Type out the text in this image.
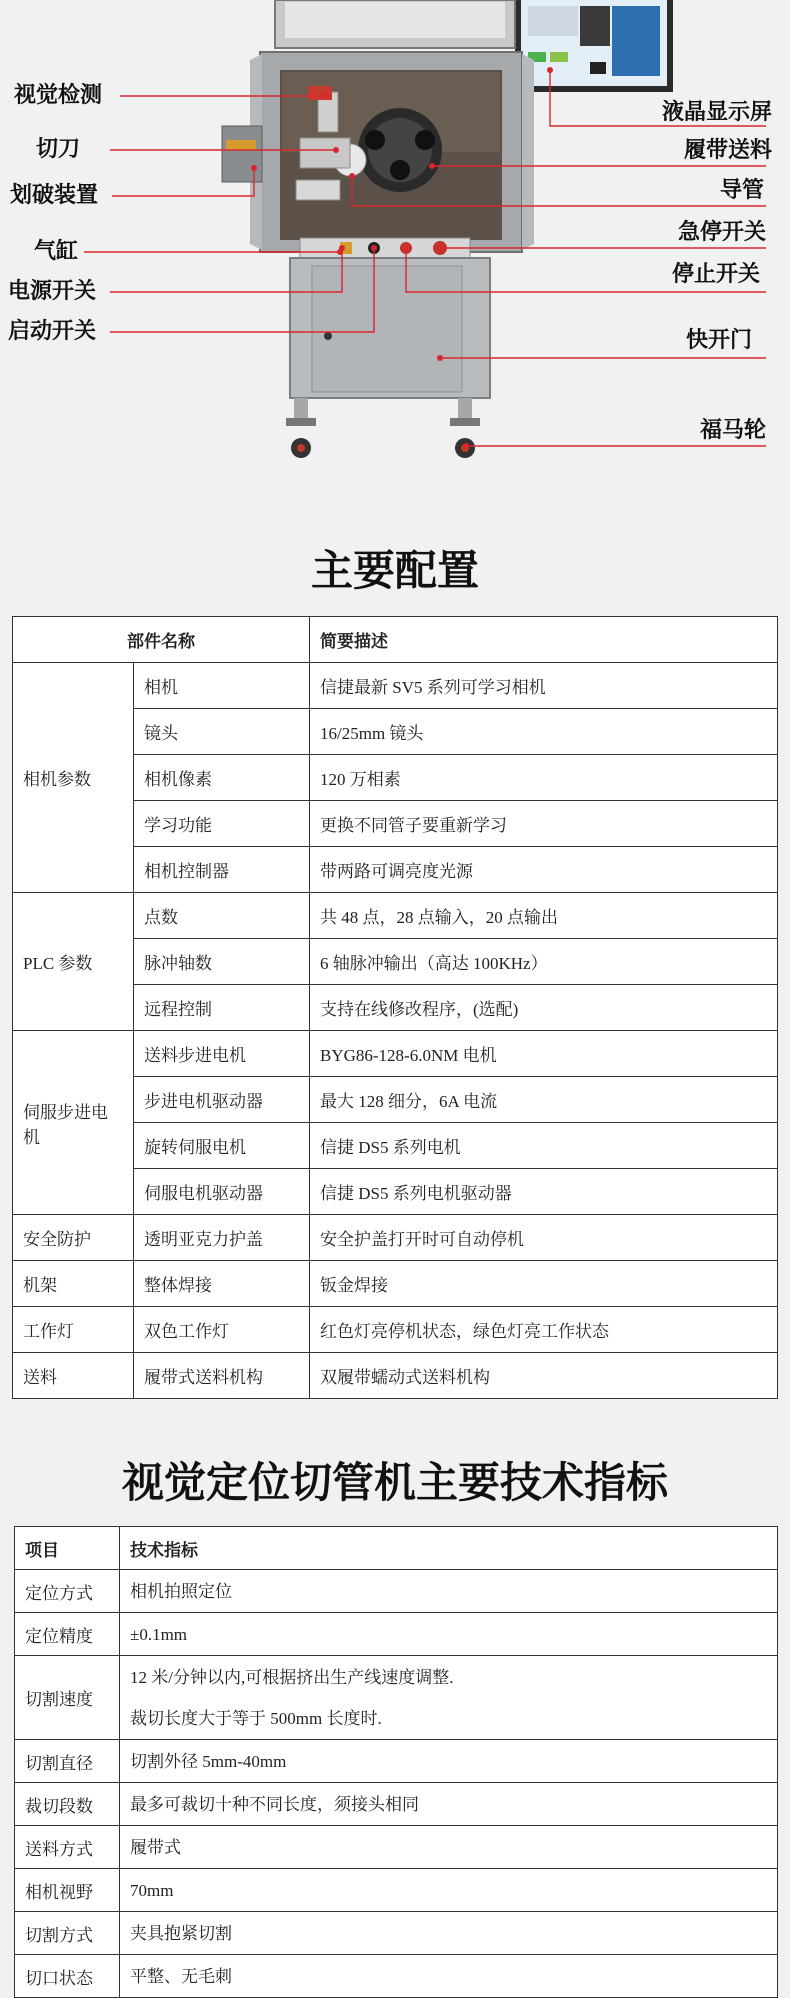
视觉检测
切刀
划破装置
气缸
电源开关
启动开关
液晶显示屏
履带送料
导管
急停开关
停止开关
快开门
福马轮
主要配置
部件名称		简要描述
相机参数	相机	信捷最新 SV5 系列可学习相机
	镜头	16/25mm 镜头
	相机像素	120 万相素
	学习功能	更换不同管子要重新学习
	相机控制器	带两路可调亮度光源
PLC 参数	点数	共 48 点，28 点输入，20 点输出
	脉冲轴数	6 轴脉冲输出（高达 100KHz）
	远程控制	支持在线修改程序，(选配)
伺服步进电机	送料步进电机	BYG86-128-6.0NM 电机
	步进电机驱动器	最大 128 细分，6A 电流
	旋转伺服电机	信捷 DS5 系列电机
	伺服电机驱动器	信捷 DS5 系列电机驱动器
安全防护	透明亚克力护盖	安全护盖打开时可自动停机
机架	整体焊接	钣金焊接
工作灯	双色工作灯	红色灯亮停机状态，绿色灯亮工作状态
送料	履带式送料机构	双履带蠕动式送料机构
视觉定位切管机主要技术指标
项目	技术指标
定位方式	相机拍照定位

定位精度	±0.1mm

切割速度	12 米/分钟以内,可根据挤出生产线速度调整.
裁切长度大于等于 500mm 长度时.

切割直径	切割外径 5mm-40mm

裁切段数	最多可裁切十种不同长度，须接头相同

送料方式	履带式

相机视野	70mm

切割方式	夹具抱紧切割

切口状态	平整、无毛刺
